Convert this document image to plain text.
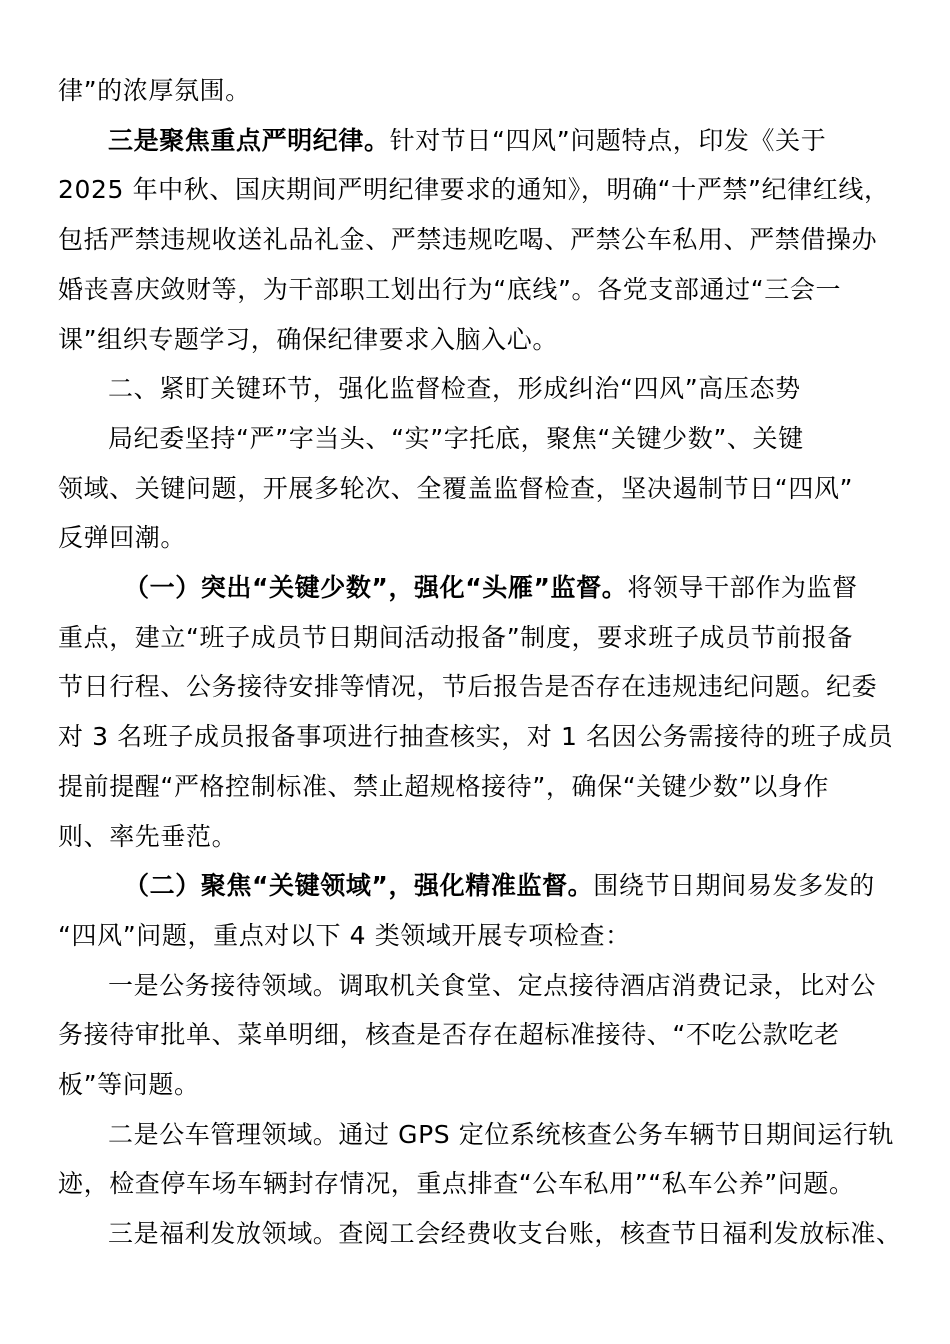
律”的浓厚氛围。

三是聚焦重点严明纪律。针对节日“四风”问题特点，印发《关于
2025 年中秋、国庆期间严明纪律要求的通知》，明确“十严禁”纪律红线，
包括严禁违规收送礼品礼金、严禁违规吃喝、严禁公车私用、严禁借操办
婚丧喜庆敛财等，为干部职工划出行为“底线”。各党支部通过“三会一
课”组织专题学习，确保纪律要求入脑入心。

二、紧盯关键环节，强化监督检查，形成纠治“四风”高压态势

局纪委坚持“严”字当头、“实”字托底，聚焦“关键少数”、关键
领域、关键问题，开展多轮次、全覆盖监督检查，坚决遏制节日“四风”
反弹回潮。

（一）突出“关键少数”，强化“头雁”监督。将领导干部作为监督
重点，建立“班子成员节日期间活动报备”制度，要求班子成员节前报备
节日行程、公务接待安排等情况，节后报告是否存在违规违纪问题。纪委
对 3 名班子成员报备事项进行抽查核实，对 1 名因公务需接待的班子成员
提前提醒“严格控制标准、禁止超规格接待”，确保“关键少数”以身作
则、率先垂范。

（二）聚焦“关键领域”，强化精准监督。围绕节日期间易发多发的
“四风”问题，重点对以下 4 类领域开展专项检查：

一是公务接待领域。调取机关食堂、定点接待酒店消费记录，比对公
务接待审批单、菜单明细，核查是否存在超标准接待、“不吃公款吃老
板”等问题。

二是公车管理领域。通过 GPS 定位系统核查公务车辆节日期间运行轨
迹，检查停车场车辆封存情况，重点排查“公车私用”“私车公养”问题。

三是福利发放领域。查阅工会经费收支台账，核查节日福利发放标准、
